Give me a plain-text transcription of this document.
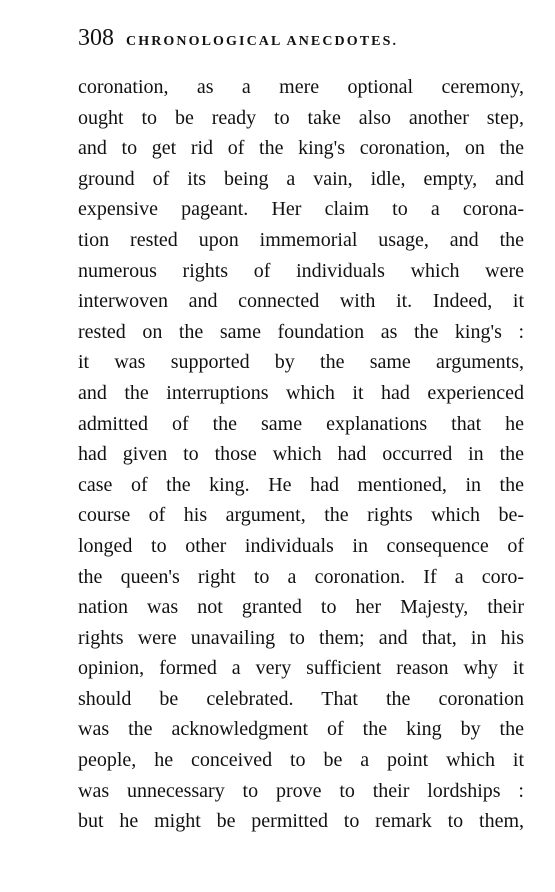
308 CHRONOLOGICAL ANECDOTES.
coronation, as a mere optional ceremony,
ought to be ready to take also another step,
and to get rid of the king's coronation, on the
ground of its being a vain, idle, empty, and
expensive pageant. Her claim to a corona-
tion rested upon immemorial usage, and the
numerous rights of individuals which were
interwoven and connected with it. Indeed, it
rested on the same foundation as the king's :
it was supported by the same arguments,
and the interruptions which it had experienced
admitted of the same explanations that he
had given to those which had occurred in the
case of the king. He had mentioned, in the
course of his argument, the rights which be-
longed to other individuals in consequence of
the queen's right to a coronation. If a coro-
nation was not granted to her Majesty, their
rights were unavailing to them; and that, in his
opinion, formed a very sufficient reason why it
should be celebrated. That the coronation
was the acknowledgment of the king by the
people, he conceived to be a point which it
was unnecessary to prove to their lordships :
but he might be permitted to remark to them,
